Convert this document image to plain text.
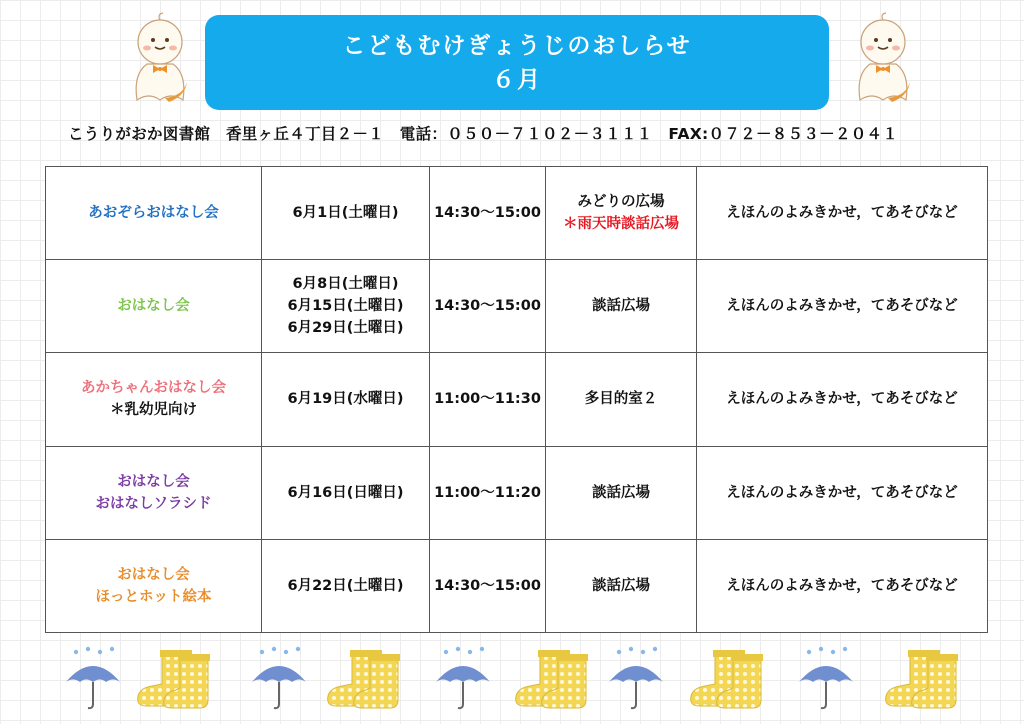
こどもむけぎょうじのおしらせ
６月
こうりがおか図書館　香里ヶ丘４丁目２－１　電話：０５０－７１０２－３１１１　FAX:０７２－８５３－２０４１
あおぞらおはなし会	6月1日(土曜日)	14:30～15:00	みどりの広場
＊雨天時談話広場	えほんのよみきかせ，てあそびなど

おはなし会	6月8日(土曜日)
6月15日(土曜日)
6月29日(土曜日)	14:30～15:00	談話広場	えほんのよみきかせ，てあそびなど

あかちゃんおはなし会
＊乳幼児向け	6月19日(水曜日)	11:00～11:30	多目的室２	えほんのよみきかせ，てあそびなど

おはなし会
おはなしソラシド	6月16日(日曜日)	11:00～11:20	談話広場	えほんのよみきかせ，てあそびなど

おはなし会
ほっとホット絵本	6月22日(土曜日)	14:30～15:00	談話広場	えほんのよみきかせ，てあそびなど
